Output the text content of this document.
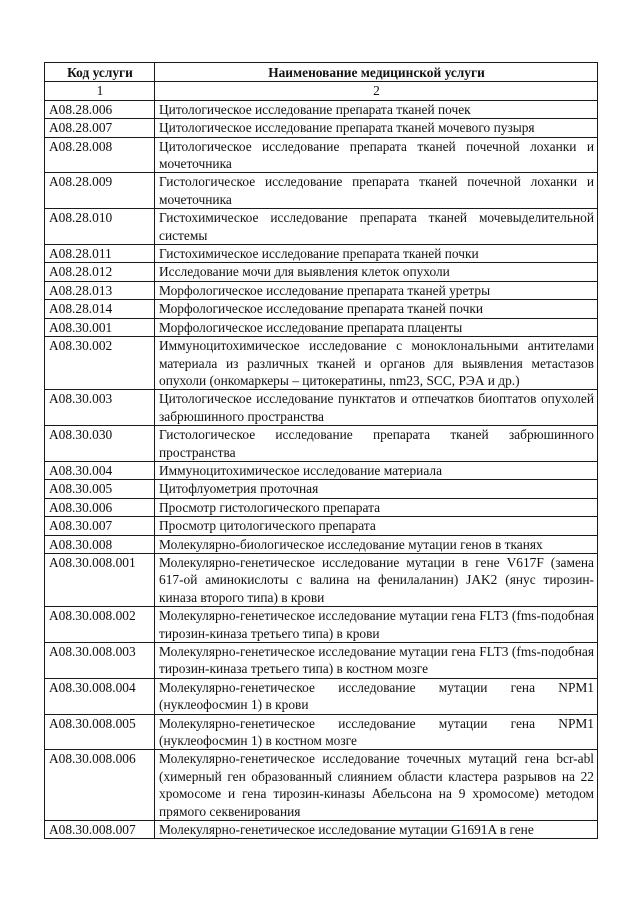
Код услуги	Наименование медицинской услуги
1	2
A08.28.006	Цитологическое исследование препарата тканей почек
A08.28.007	Цитологическое исследование препарата тканей мочевого пузыря
A08.28.008	Цитологическое исследование препарата тканей почечной лоханки и мочеточника
A08.28.009	Гистологическое исследование препарата тканей почечной лоханки и мочеточника
A08.28.010	Гистохимическое исследование препарата тканей мочевыделительной системы
A08.28.011	Гистохимическое исследование препарата тканей почки
A08.28.012	Исследование мочи для выявления клеток опухоли
A08.28.013	Морфологическое исследование препарата тканей уретры
A08.28.014	Морфологическое исследование препарата тканей почки
A08.30.001	Морфологическое исследование препарата плаценты
A08.30.002	Иммуноцитохимическое исследование с моноклональными антителами материала из различных тканей и органов для выявления метастазов опухоли (онкомаркеры – цитокератины, nm23, SCC, РЭА и др.)
A08.30.003	Цитологическое исследование пунктатов и отпечатков биоптатов опухолей забрюшинного пространства
A08.30.030	Гистологическое исследование препарата тканей забрюшинного пространства
A08.30.004	Иммуноцитохимическое исследование материала
A08.30.005	Цитофлуометрия проточная
A08.30.006	Просмотр гистологического препарата
A08.30.007	Просмотр цитологического препарата
A08.30.008	Молекулярно-биологическое исследование мутации генов в тканях
A08.30.008.001	Молекулярно-генетическое исследование мутации в гене V617F (замена 617-ой аминокислоты с валина на фенилаланин) JAK2 (янус тирозин-киназа второго типа) в крови
A08.30.008.002	Молекулярно-генетическое исследование мутации гена FLT3 (fms-подобная тирозин-киназа третьего типа) в крови
A08.30.008.003	Молекулярно-генетическое исследование мутации гена FLT3 (fms-подобная тирозин-киназа третьего типа) в костном мозге
A08.30.008.004	Молекулярно-генетическое исследование мутации гена NPM1 (нуклеофосмин 1) в крови
A08.30.008.005	Молекулярно-генетическое исследование мутации гена NPM1 (нуклеофосмин 1) в костном мозге
A08.30.008.006	Молекулярно-генетическое исследование точечных мутаций гена bcr-abl (химерный ген образованный слиянием области кластера разрывов на 22 хромосоме и гена тирозин-киназы Абельсона на 9 хромосоме) методом прямого секвенирования
A08.30.008.007	Молекулярно-генетическое исследование мутации G1691A в гене
